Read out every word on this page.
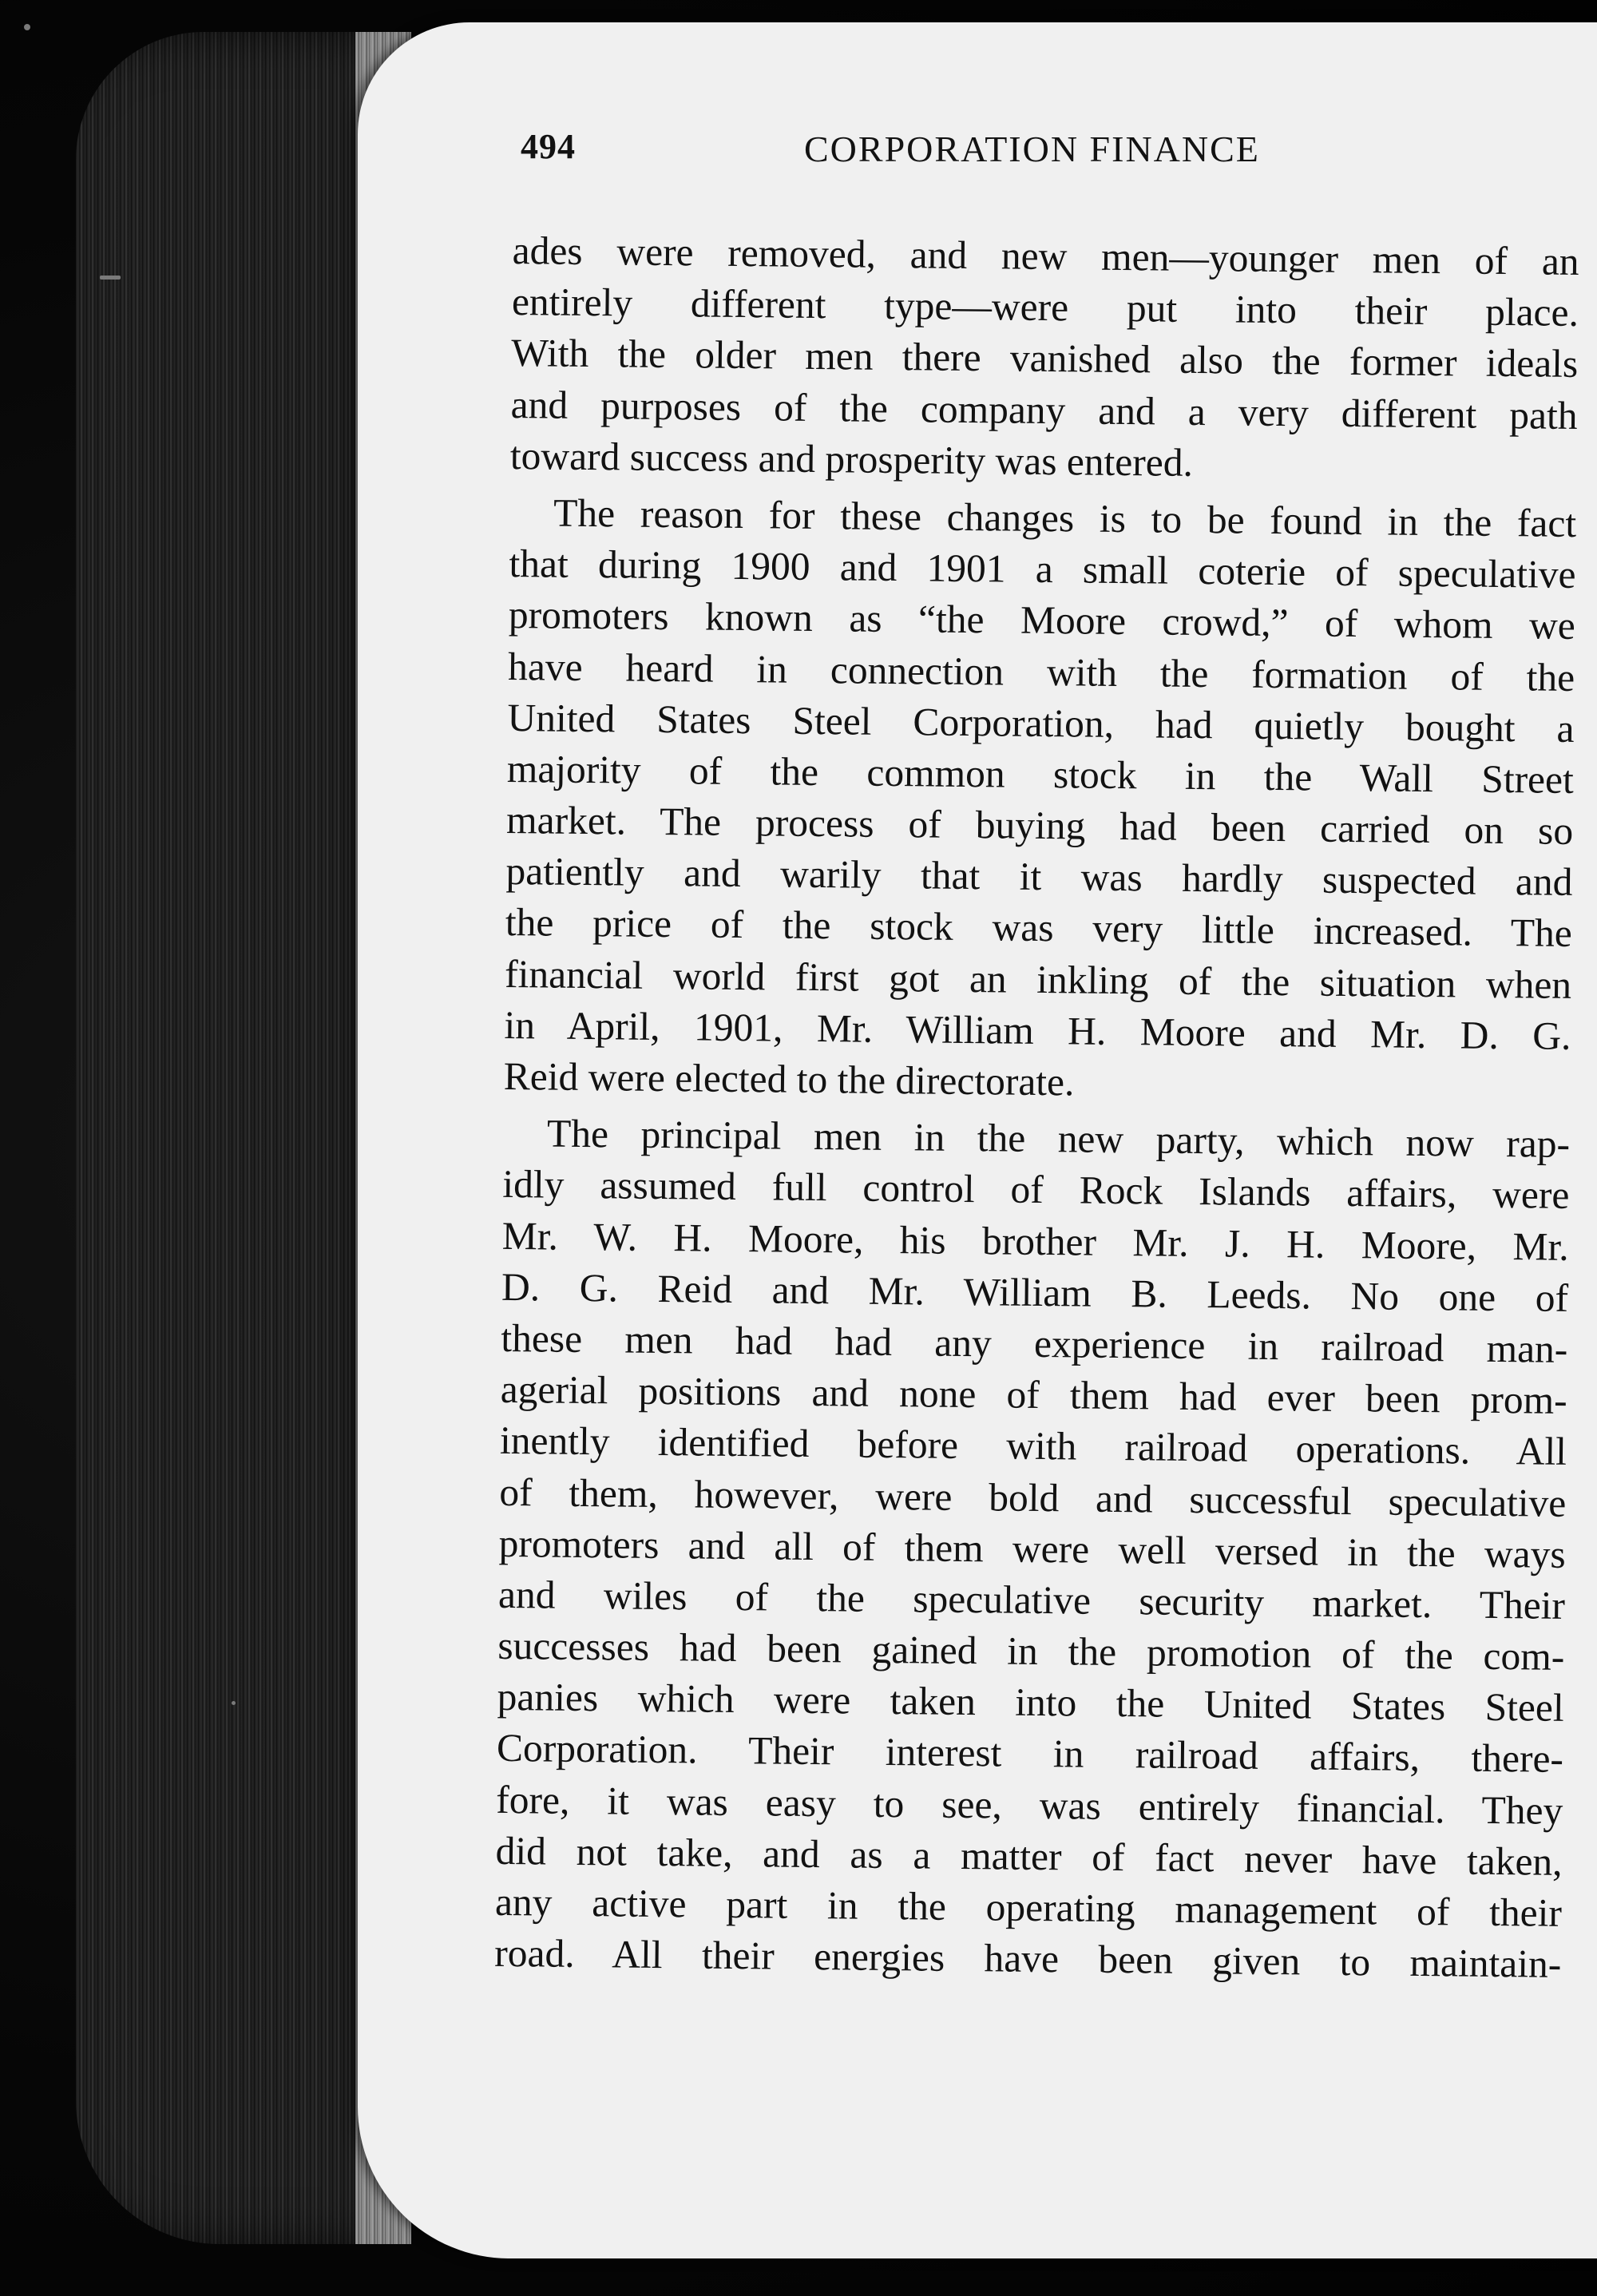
494	CORPORATION FINANCE
ades were removed, and new men—younger men of an
entirely different type—were put into their place.
With the older men there vanished also the former ideals
and purposes of the company and a very different path
toward success and prosperity was entered.
The reason for these changes is to be found in the fact
that during 1900 and 1901 a small coterie of speculative
promoters known as “the Moore crowd,” of whom we
have heard in connection with the formation of the
United States Steel Corporation, had quietly bought a
majority of the common stock in the Wall Street
market. The process of buying had been carried on so
patiently and warily that it was hardly suspected and
the price of the stock was very little increased. The
financial world first got an inkling of the situation when
in April, 1901, Mr. William H. Moore and Mr. D. G.
Reid were elected to the directorate.
The principal men in the new party, which now rap-
idly assumed full control of Rock Islands affairs, were
Mr. W. H. Moore, his brother Mr. J. H. Moore, Mr.
D. G. Reid and Mr. William B. Leeds. No one of
these men had had any experience in railroad man-
agerial positions and none of them had ever been prom-
inently identified before with railroad operations. All
of them, however, were bold and successful speculative
promoters and all of them were well versed in the ways
and wiles of the speculative security market. Their
successes had been gained in the promotion of the com-
panies which were taken into the United States Steel
Corporation. Their interest in railroad affairs, there-
fore, it was easy to see, was entirely financial. They
did not take, and as a matter of fact never have taken,
any active part in the operating management of their
road. All their energies have been given to maintain-
